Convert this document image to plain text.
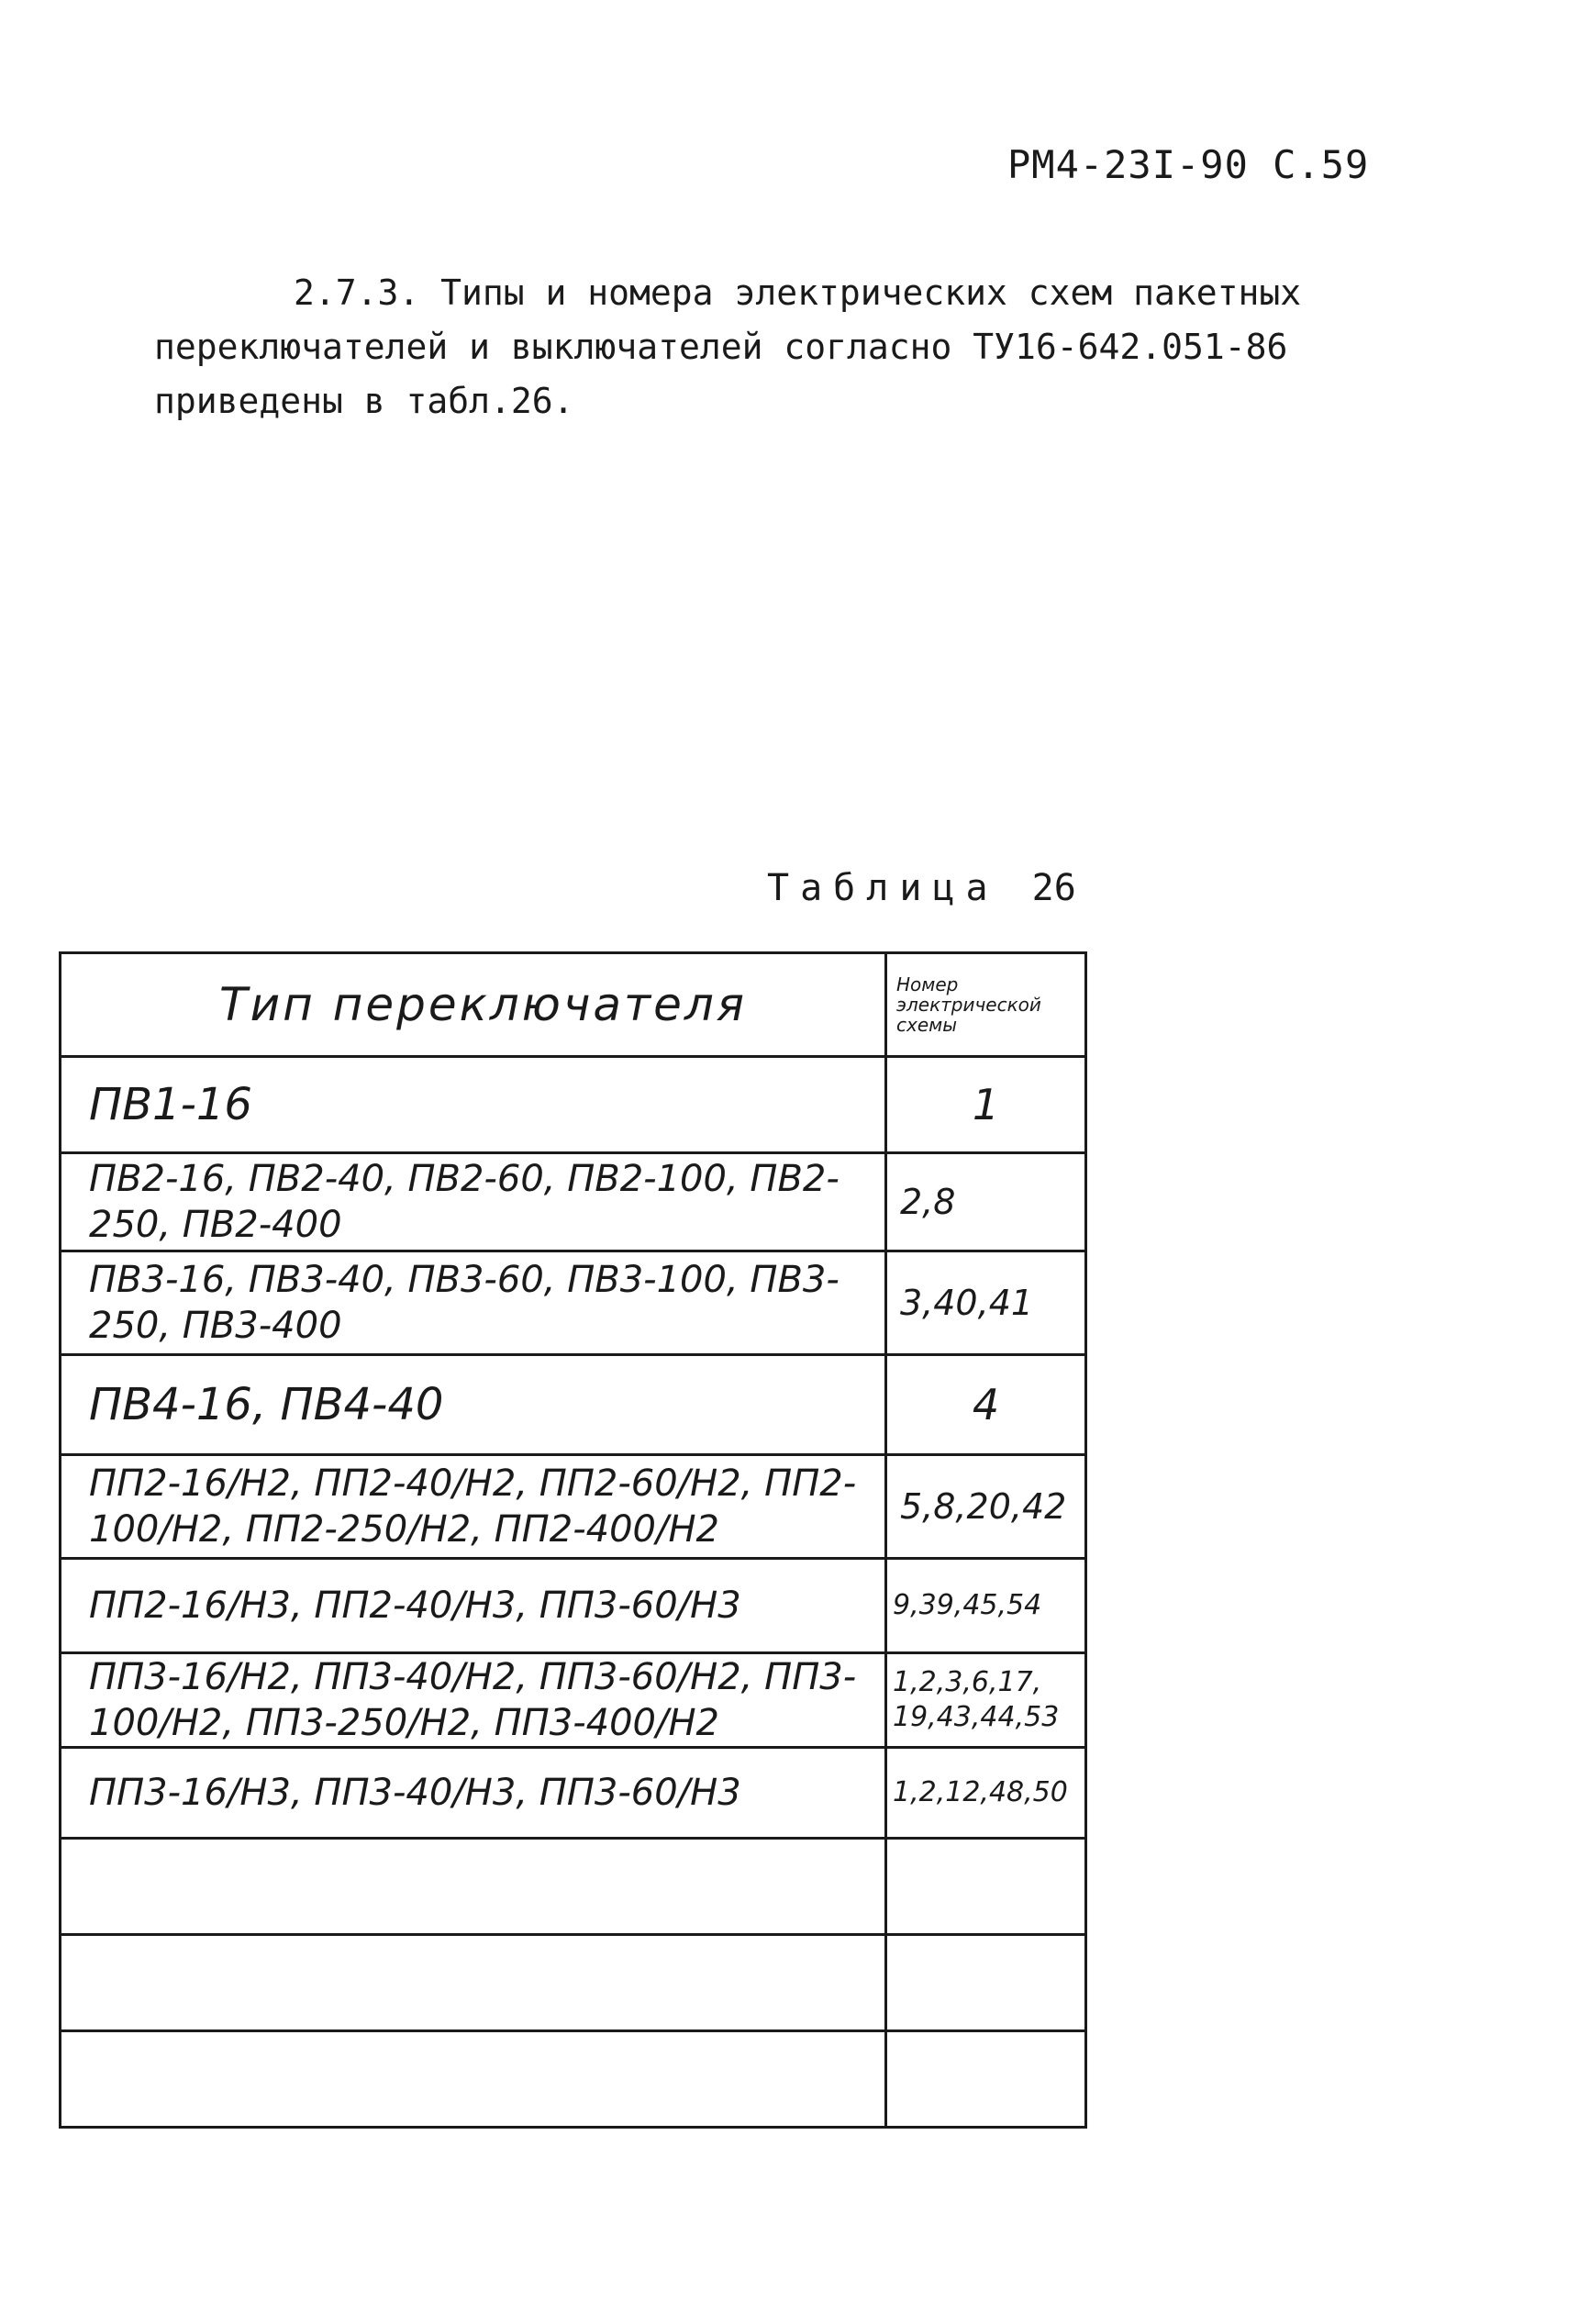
РМ4-23I-90 С.59

2.7.3. Типы и номера электрических схем пакетных переключателей и выключателей согласно ТУ16-642.051-86 приведены в табл.26.

Таблица  26
Тип переключателя	Номер электрической схемы
ПВ1-16	1
ПВ2-16, ПВ2-40, ПВ2-60, ПВ2-100, ПВ2-250, ПВ2-400	2,8
ПВ3-16, ПВ3-40, ПВ3-60, ПВ3-100, ПВ3-250, ПВ3-400	3,40,41
ПВ4-16, ПВ4-40	4
ПП2-16/Н2, ПП2-40/Н2, ПП2-60/Н2, ПП2-100/Н2, ПП2-250/Н2, ПП2-400/Н2	5,8,20,42
ПП2-16/Н3, ПП2-40/Н3, ПП3-60/Н3	9,39,45,54
ПП3-16/Н2, ПП3-40/Н2, ПП3-60/Н2, ПП3-100/Н2, ПП3-250/Н2, ПП3-400/Н2	1,2,3,6,17, 19,43,44,53
ПП3-16/Н3, ПП3-40/Н3, ПП3-60/Н3	1,2,12,48,50
